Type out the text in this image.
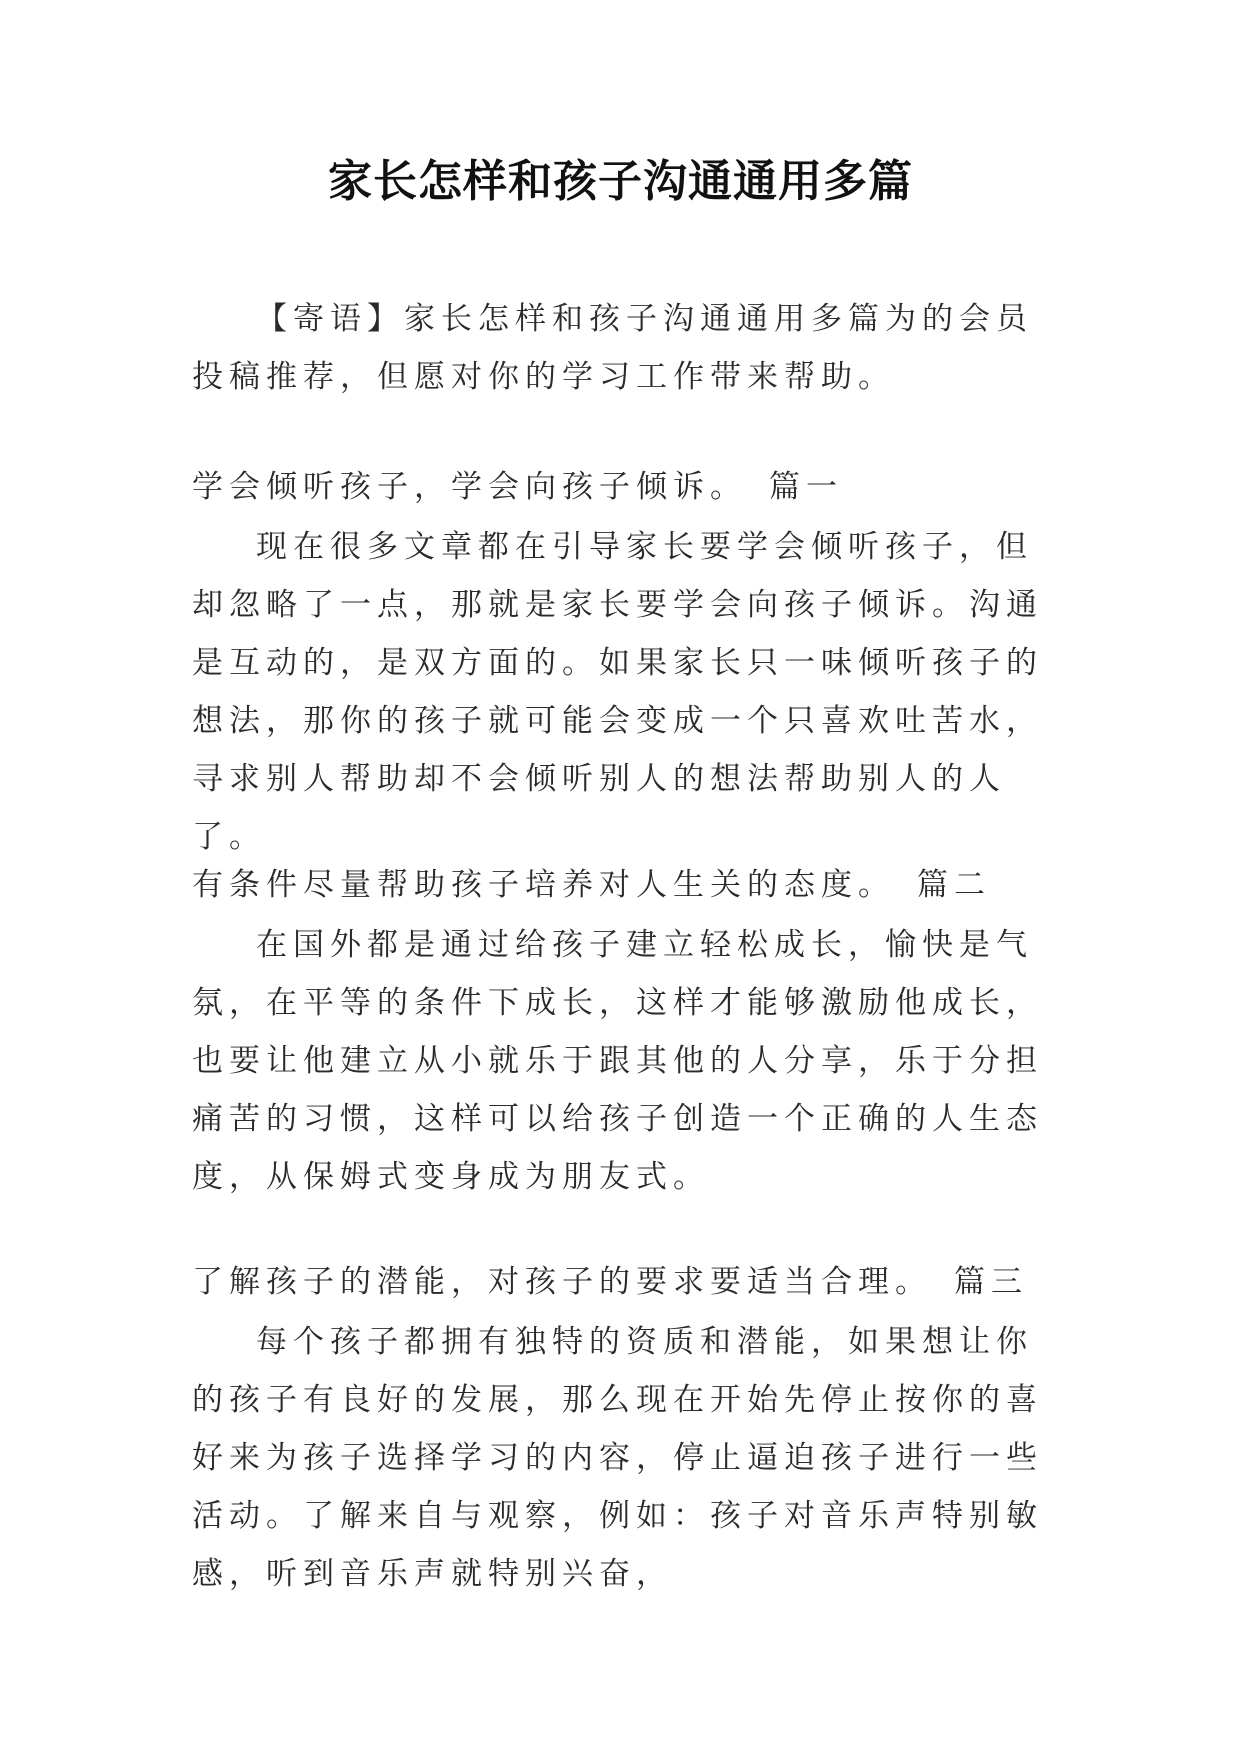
家长怎样和孩子沟通通用多篇

【寄语】家长怎样和孩子沟通通用多篇为的会员投稿推荐，但愿对你的学习工作带来帮助。

学会倾听孩子，学会向孩子倾诉。 篇一

现在很多文章都在引导家长要学会倾听孩子，但却忽略了一点，那就是家长要学会向孩子倾诉。沟通是互动的，是双方面的。如果家长只一味倾听孩子的想法，那你的孩子就可能会变成一个只喜欢吐苦水，寻求别人帮助却不会倾听别人的想法帮助别人的人了。

有条件尽量帮助孩子培养对人生关的态度。 篇二

在国外都是通过给孩子建立轻松成长，愉快是气氛，在平等的条件下成长，这样才能够激励他成长，也要让他建立从小就乐于跟其他的人分享，乐于分担痛苦的习惯，这样可以给孩子创造一个正确的人生态度，从保姆式变身成为朋友式。

了解孩子的潜能，对孩子的要求要适当合理。 篇三

每个孩子都拥有独特的资质和潜能，如果想让你的孩子有良好的发展，那么现在开始先停止按你的喜好来为孩子选择学习的内容，停止逼迫孩子进行一些活动。了解来自与观察，例如：孩子对音乐声特别敏感，听到音乐声就特别兴奋，
